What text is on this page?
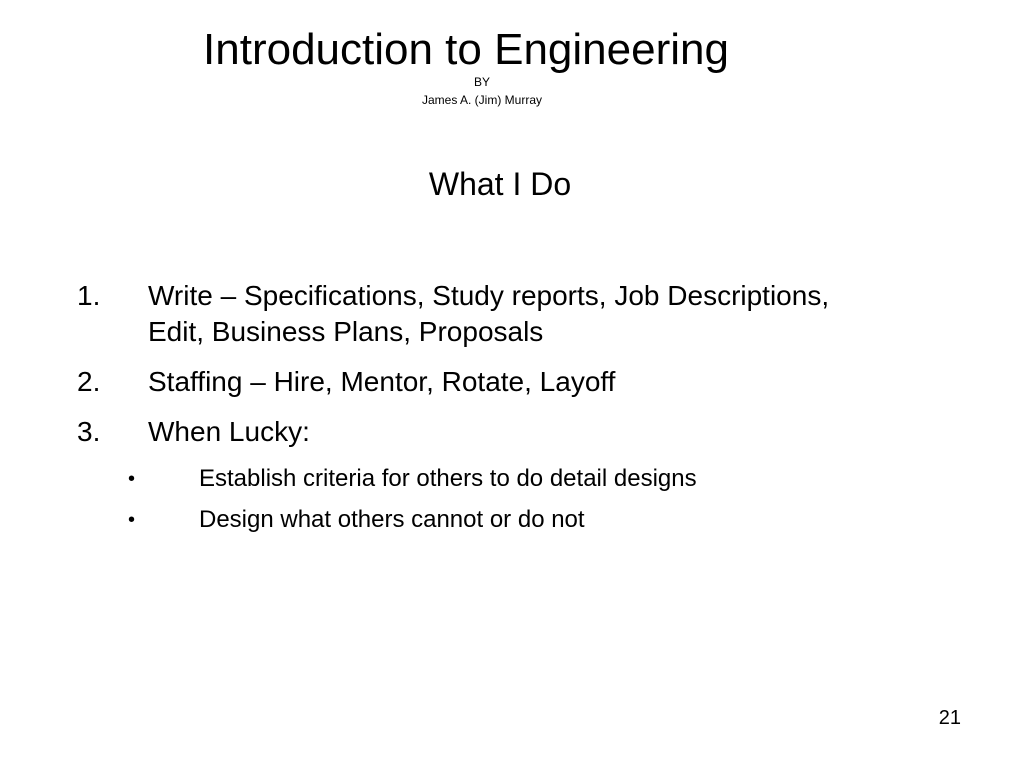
Introduction to Engineering
BY
James A. (Jim) Murray
What I Do
1. Write – Specifications, Study reports, Job Descriptions, Edit, Business Plans, Proposals
2. Staffing – Hire, Mentor, Rotate, Layoff
3. When Lucky:
•	Establish criteria for others to do detail designs
•	Design what others cannot or do not
21
